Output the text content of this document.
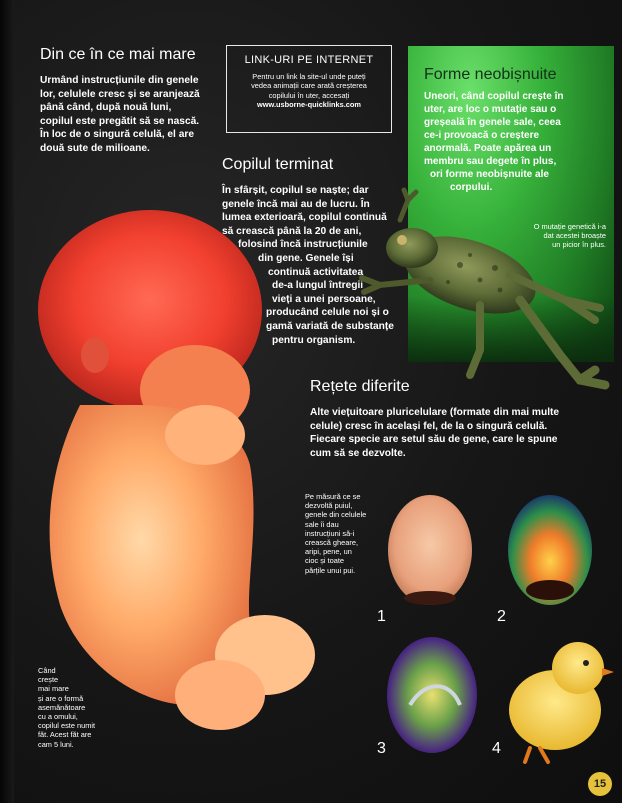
Din ce în ce mai mare
Urmând instrucțiunile din genele
lor, celulele cresc și se aranjează
până când, după nouă luni,
copilul este pregătit să se nască.
În loc de o singură celulă, el are
două sute de milioane.
LINK-URI PE INTERNET
Pentru un link la site-ul unde puteți
vedea animații care arată creșterea
copilului în uter, accesați
www.usborne-quicklinks.com
Copilul terminat
În sfârșit, copilul se naște; dar
genele încă mai au de lucru. În
lumea exterioară, copilul continuă
să crească până la 20 de ani,
folosind încă instrucțiunile
din gene. Genele își
continuă activitatea
de-a lungul întregii
vieți a unei persoane,
producând celule noi și o
gamă variată de substanțe
pentru organism.
Forme neobișnuite
Uneori, când copilul crește în
uter, are loc o mutație sau o
greșeală în genele sale, ceea
ce-i provoacă o creștere
anormală. Poate apărea un
membru sau degete în plus,
ori forme neobișnuite ale
corpului.
O mutație genetică i-a
dat acestei broaște
un picior în plus.
Rețete diferite
Alte viețuitoare pluricelulare (formate din mai multe
celule) cresc în același fel, de la o singură celulă.
Fiecare specie are setul său de gene, care le spune
cum să se dezvolte.
Pe măsură ce se
dezvoltă puiul,
genele din celulele
sale îi dau
instrucțiuni să-i
crească gheare,
aripi, pene, un
cioc și toate
părțile unui pui.
1	2
3	4
Când
crește
mai mare
și are o formă
asemănătoare
cu a omului,
copilul este numit
făt. Acest făt are
cam 5 luni.
15
